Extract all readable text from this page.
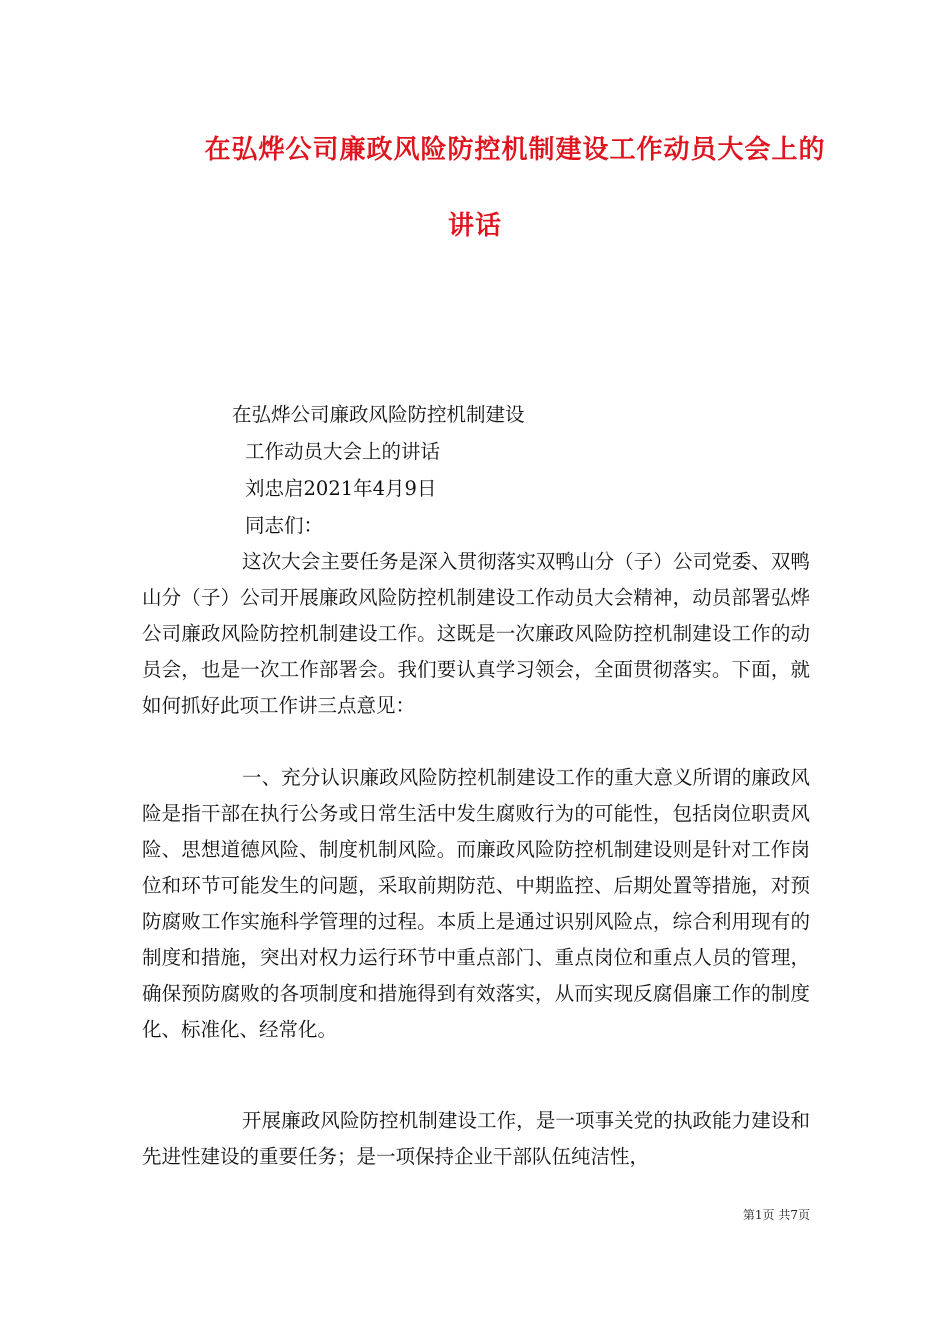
在弘烨公司廉政风险防控机制建设工作动员大会上的
讲话
在弘烨公司廉政风险防控机制建设
工作动员大会上的讲话
刘忠启2021年4月9日
同志们：
这次大会主要任务是深入贯彻落实双鸭山分（子）公司党委、双鸭山分（子）公司开展廉政风险防控机制建设工作动员大会精神，动员部署弘烨公司廉政风险防控机制建设工作。这既是一次廉政风险防控机制建设工作的动员会，也是一次工作部署会。我们要认真学习领会，全面贯彻落实。下面，就如何抓好此项工作讲三点意见：
一、充分认识廉政风险防控机制建设工作的重大意义所谓的廉政风险是指干部在执行公务或日常生活中发生腐败行为的可能性，包括岗位职责风险、思想道德风险、制度机制风险。而廉政风险防控机制建设则是针对工作岗位和环节可能发生的问题，采取前期防范、中期监控、后期处置等措施，对预防腐败工作实施科学管理的过程。本质上是通过识别风险点，综合利用现有的制度和措施，突出对权力运行环节中重点部门、重点岗位和重点人员的管理，确保预防腐败的各项制度和措施得到有效落实，从而实现反腐倡廉工作的制度化、标准化、经常化。
开展廉政风险防控机制建设工作，是一项事关党的执政能力建设和先进性建设的重要任务；是一项保持企业干部队伍纯洁性，
第1页 共7页
